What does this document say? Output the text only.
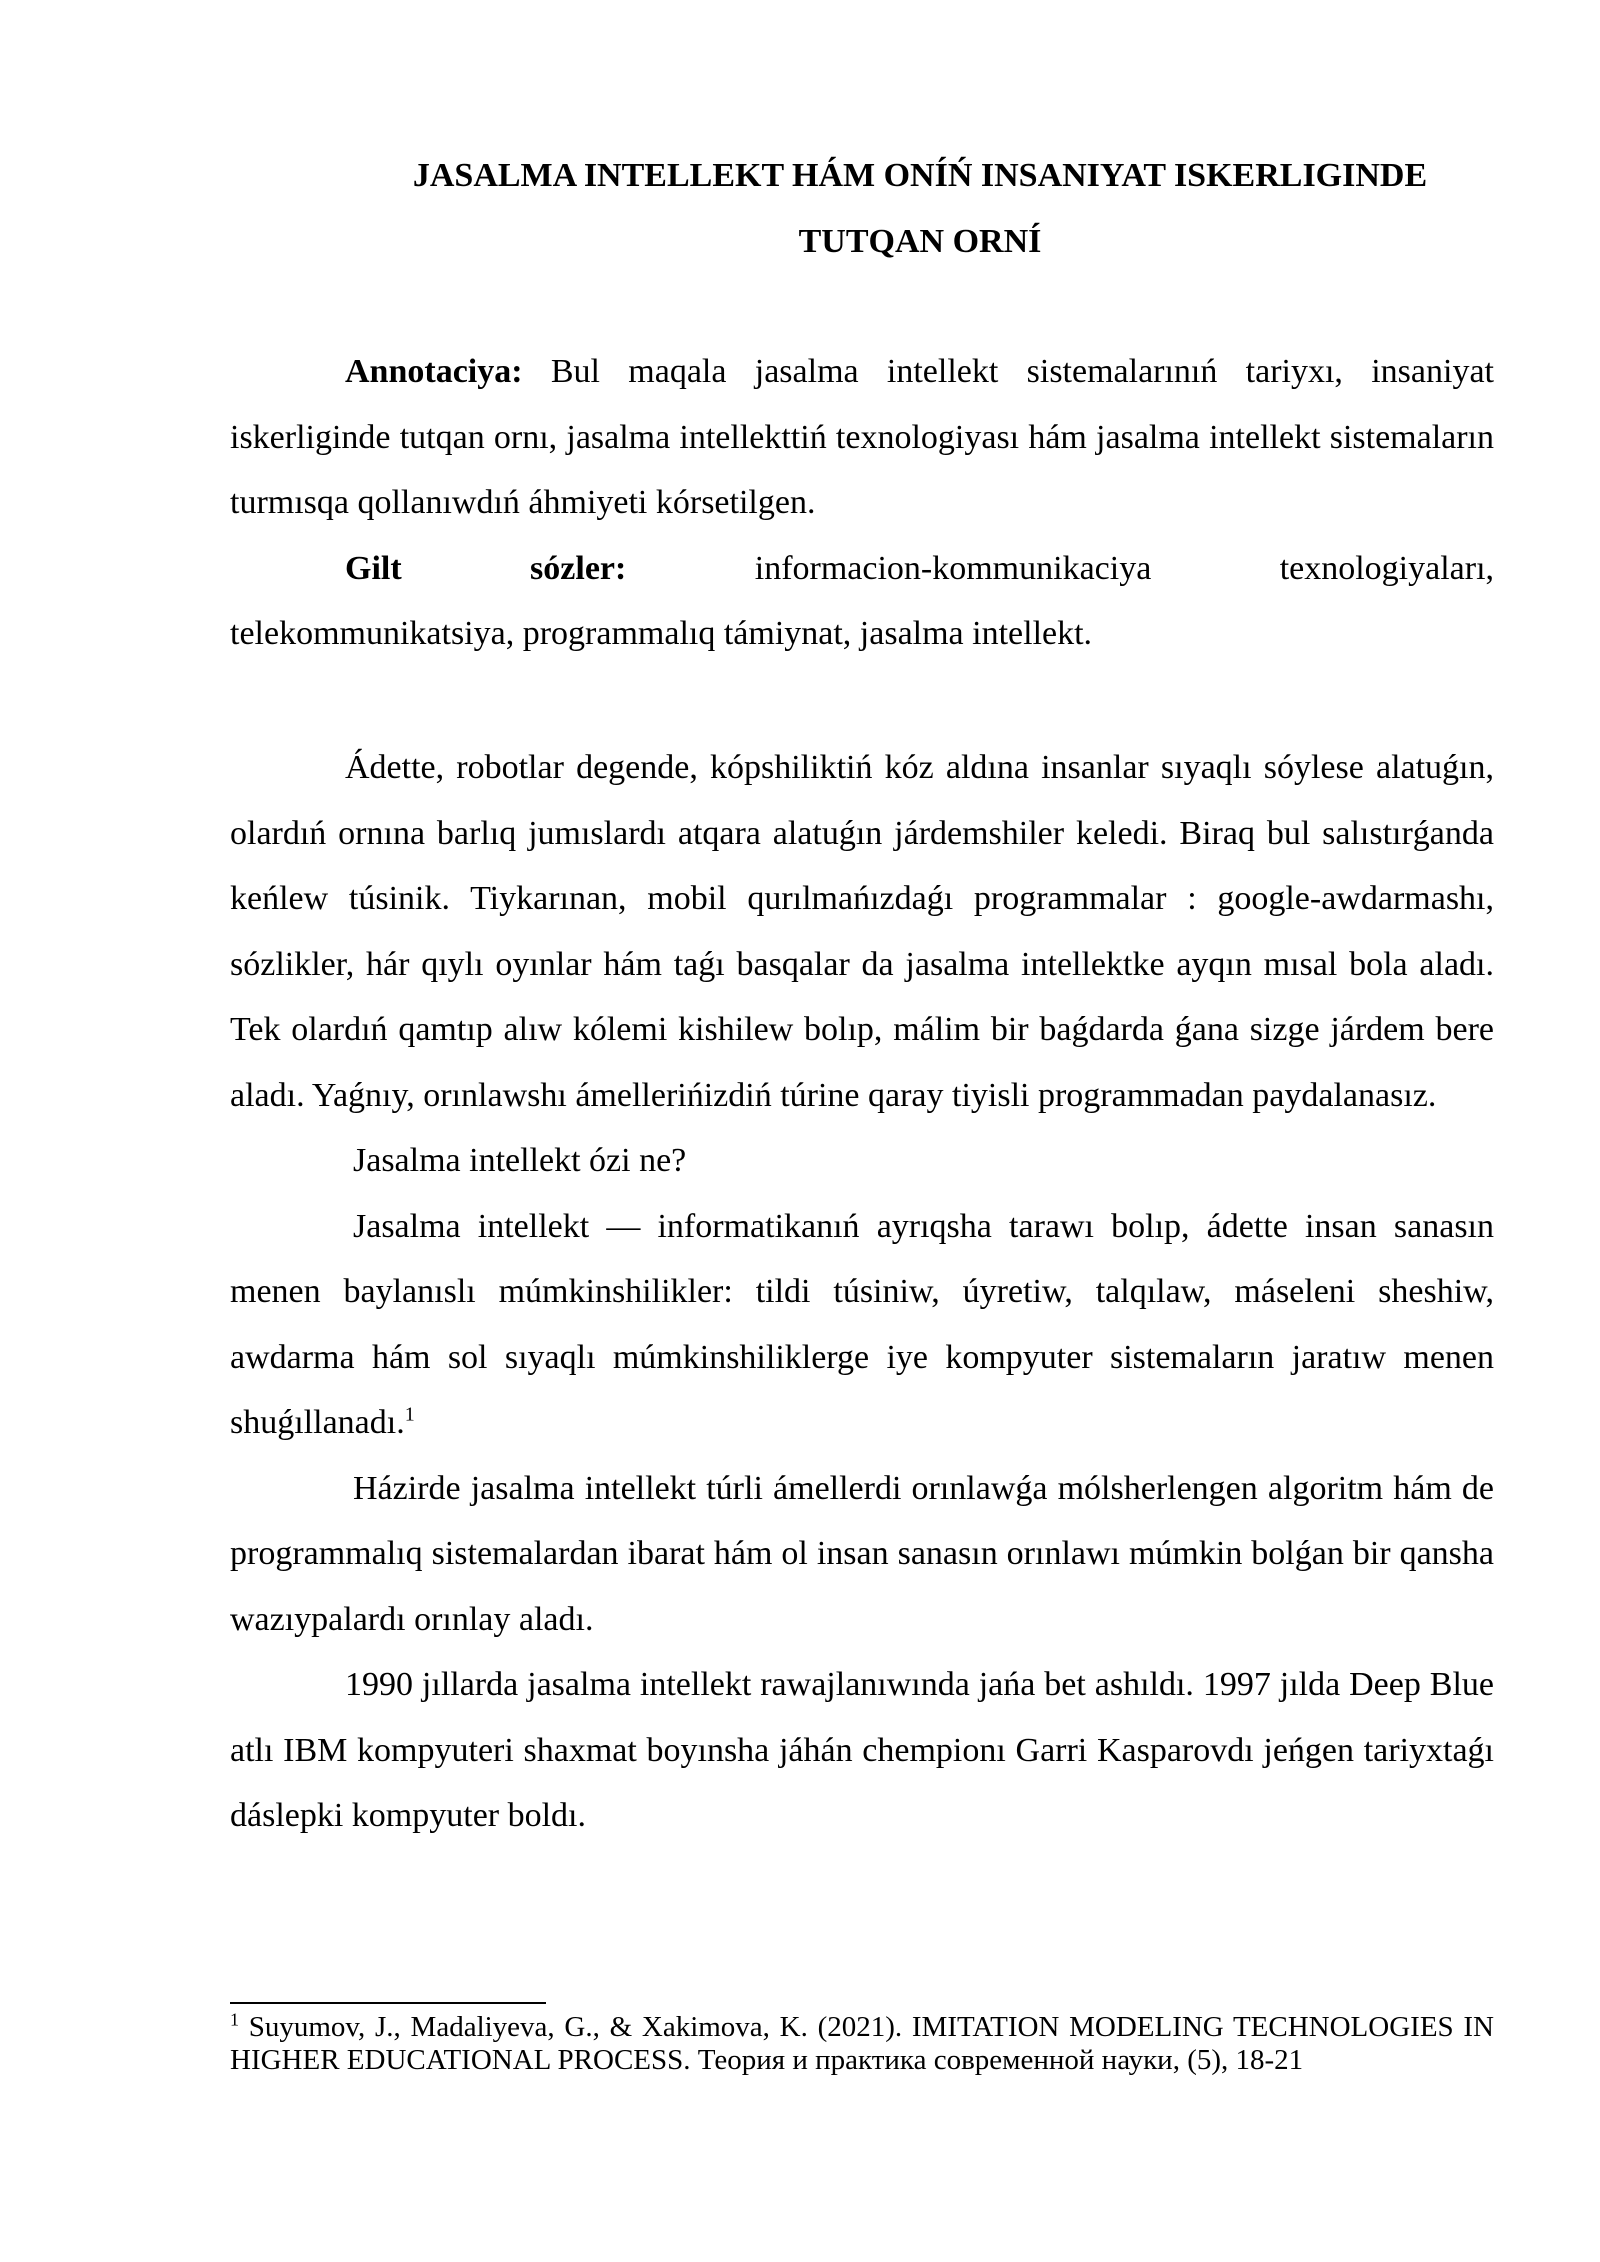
JASALMA INTELLEKT HÁM ONÍŃ INSANIYAT ISKERLIGINDE
TUTQAN ORNÍ

Annotaciya: Bul maqala jasalma intellekt sistemalarınıń tariyxı, insaniyat iskerliginde tutqan ornı, jasalma intellekttiń texnologiyası hám jasalma intellekt sistemaların turmısqa qollanıwdıń áhmiyeti kórsetilgen.

Gilt sózler:	informacion-kommunikaciya texnologiyaları,

telekommunikatsiya, programmalıq támiynat, jasalma intellekt.

Ádette, robotlar degende, kópshiliktiń kóz aldına insanlar sıyaqlı sóylese alatuǵın, olardıń ornına barlıq jumıslardı atqara alatuǵın járdemshiler keledi. Biraq bul salıstırǵanda keńlew túsinik. Tiykarınan, mobil qurılmańızdaǵı programmalar : google-awdarmashı, sózlikler, hár qıylı oyınlar hám taǵı basqalar da jasalma intellektke ayqın mısal bola aladı. Tek olardıń qamtıp alıw kólemi kishilew bolıp, málim bir baǵdarda ǵana sizge járdem bere aladı. Yaǵnıy, orınlawshı ámellerińizdiń túrine qaray tiyisli programmadan paydalanasız.

Jasalma intellekt ózi ne?

Jasalma intellekt — informatikanıń ayrıqsha tarawı bolıp, ádette insan sanasın menen baylanıslı múmkinshilikler: tildi túsiniw, úyretiw, talqılaw, máseleni sheshiw, awdarma hám sol sıyaqlı múmkinshiliklerge iye kompyuter sistemaların jaratıw menen shuǵıllanadı.$^1$

Házirde jasalma intellekt túrli ámellerdi orınlawǵa mólsherlengen algoritm hám de programmalıq sistemalardan ibarat hám ol insan sanasın orınlawı múmkin bolǵan bir qansha wazıypalardı orınlay aladı.

1990 jıllarda jasalma intellekt rawajlanıwında jańa bet ashıldı. 1997 jılda Deep Blue atlı IBM kompyuteri shaxmat boyınsha jáhán chempionı Garri Kasparovdı jeńgen tariyxtaǵı dáslepki kompyuter boldı.

$^1$ Suyumov, J., Madaliyeva, G., & Xakimova, K. (2021). IMITATION MODELING TECHNOLOGIES IN HIGHER EDUCATIONAL PROCESS. Теория и практика современной науки, (5), 18-21
